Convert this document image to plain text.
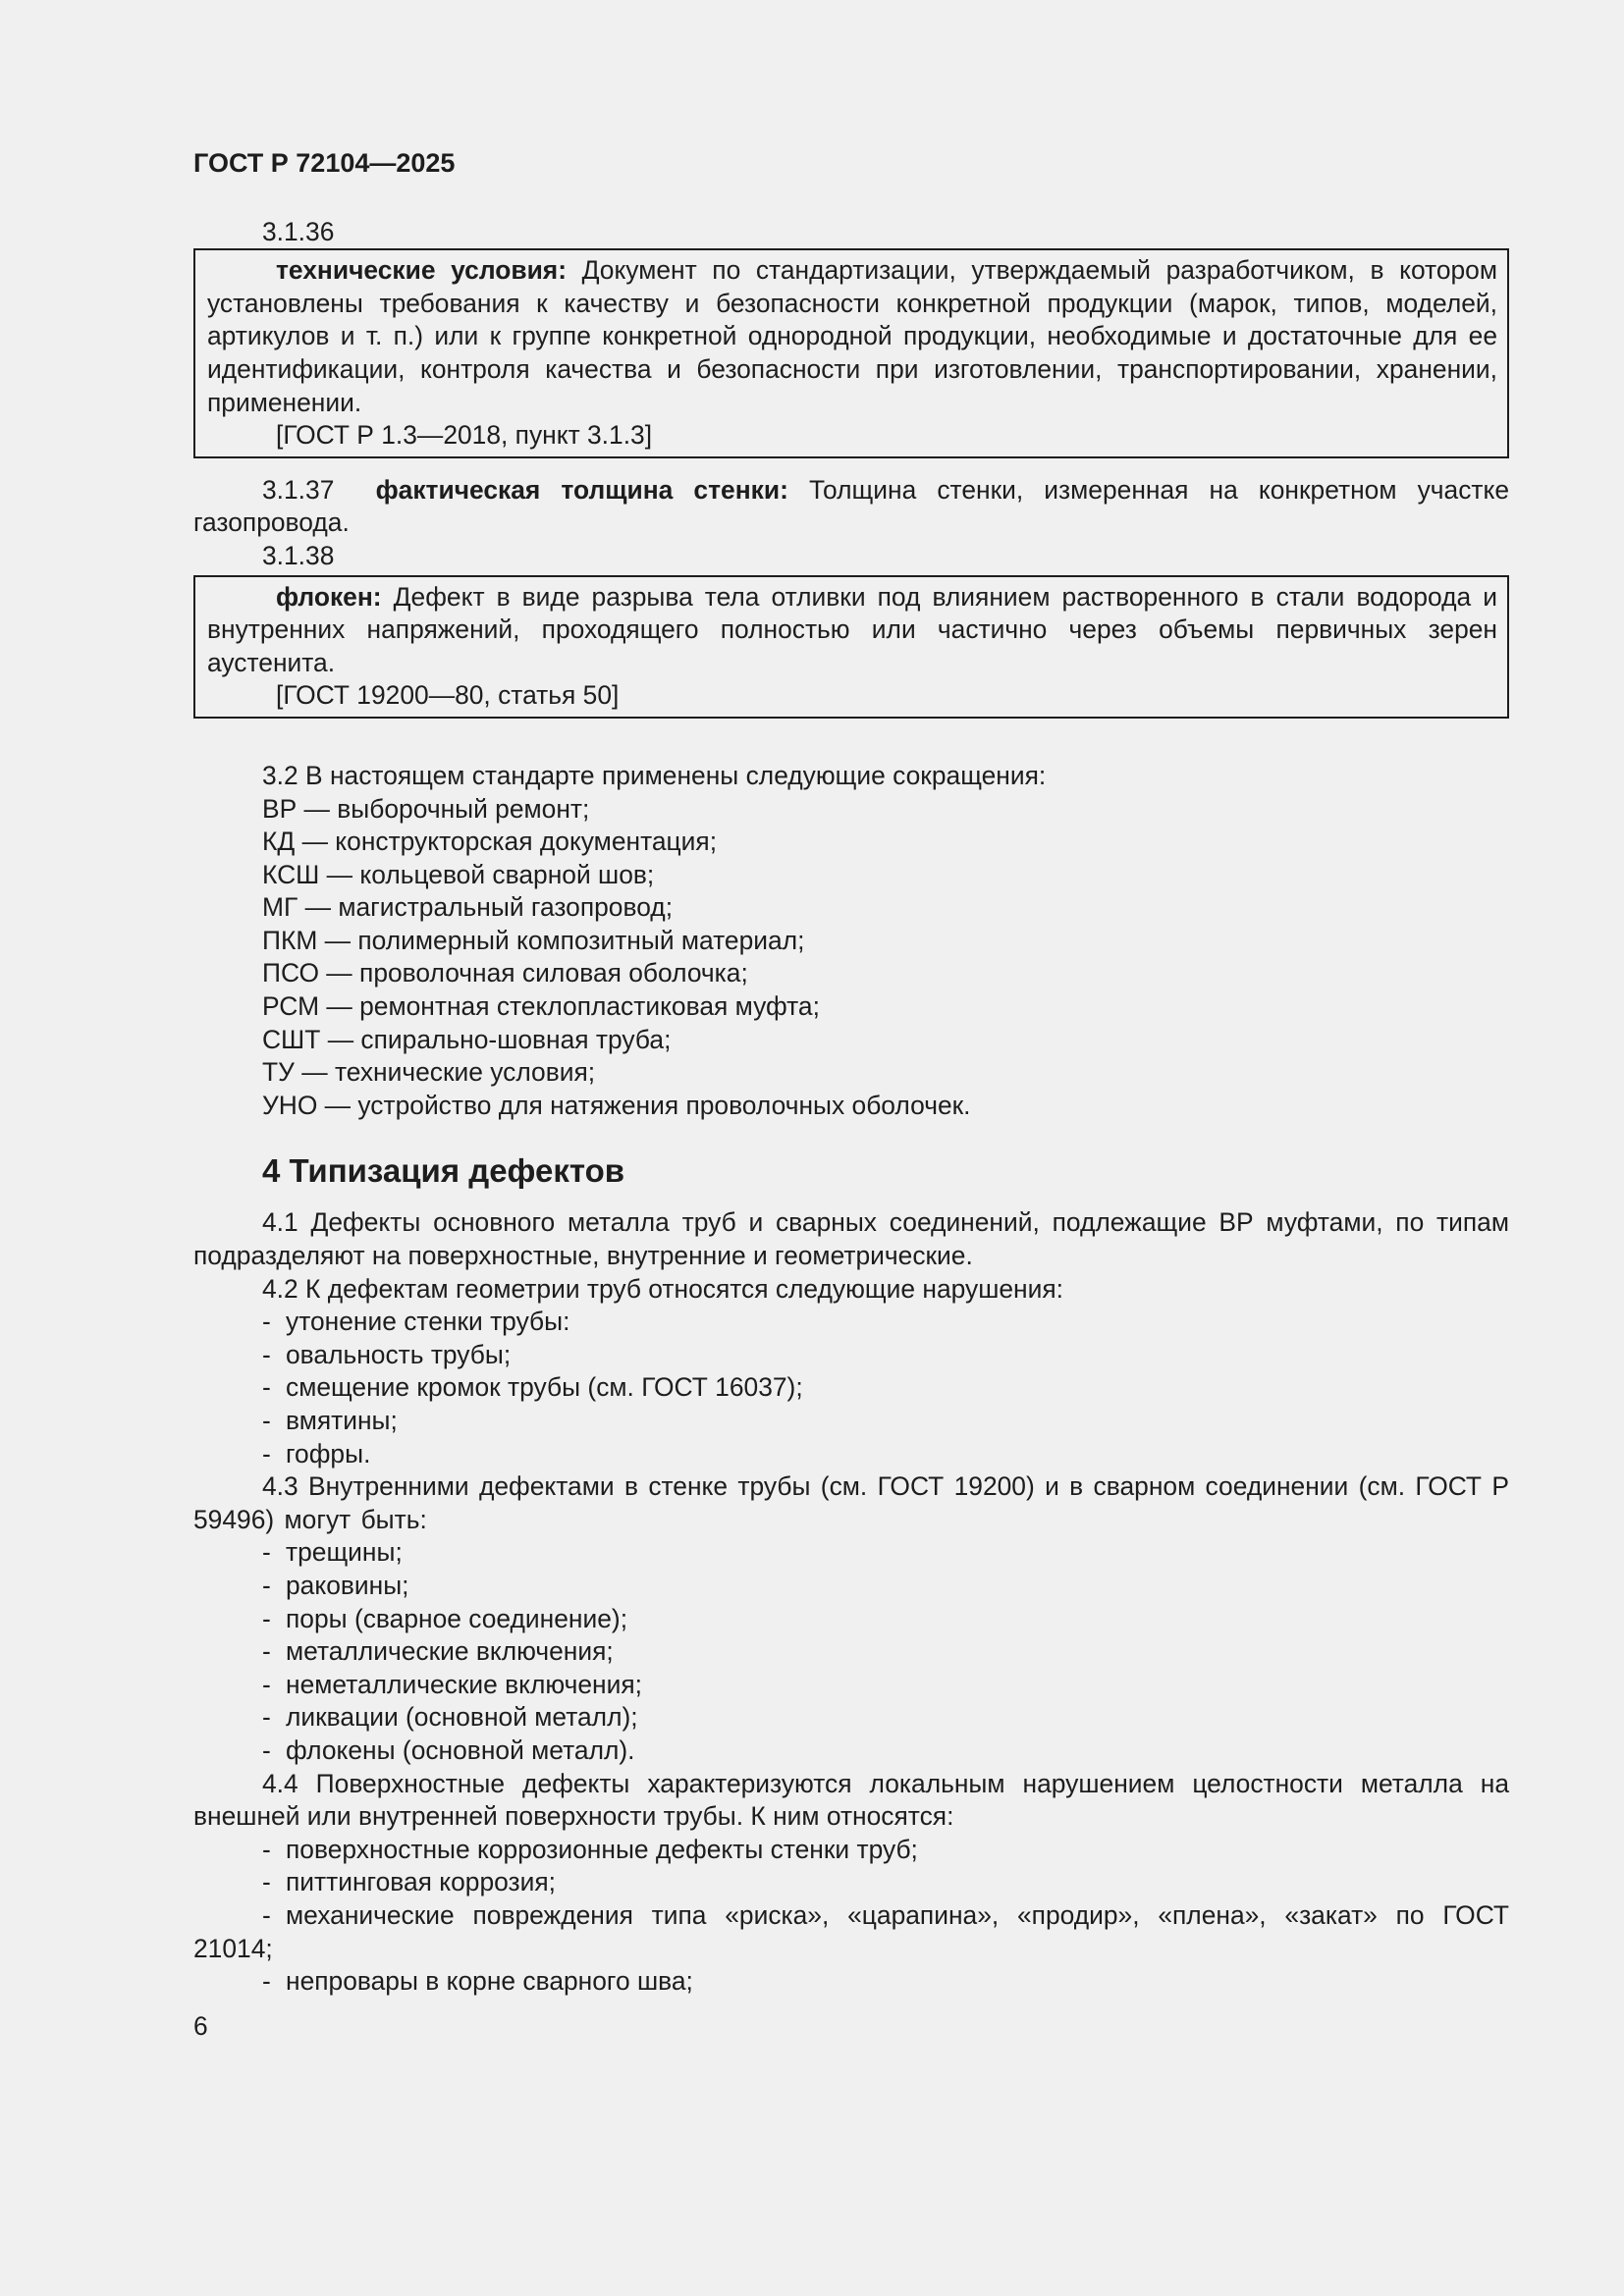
ГОСТ Р 72104—2025

3.1.36

технические условия: Документ по стандартизации, утверждаемый разработчиком, в котором установлены требования к качеству и безопасности конкретной продукции (марок, типов, моделей, артикулов и т. п.) или к группе конкретной однородной продукции, необходимые и достаточные для ее идентификации, контроля качества и безопасности при изготовлении, транспортировании, хранении, применении.

[ГОСТ Р 1.3—2018, пункт 3.1.3]

3.1.37 фактическая толщина стенки: Толщина стенки, измеренная на конкретном участке газопровода.

3.1.38

флокен: Дефект в виде разрыва тела отливки под влиянием растворенного в стали водорода и внутренних напряжений, проходящего полностью или частично через объемы первичных зерен аустенита.

[ГОСТ 19200—80, статья 50]

3.2 В настоящем стандарте применены следующие сокращения:

ВР — выборочный ремонт;

КД — конструкторская документация;

КСШ — кольцевой сварной шов;

МГ — магистральный газопровод;

ПКМ — полимерный композитный материал;

ПСО — проволочная силовая оболочка;

РСМ — ремонтная стеклопластиковая муфта;

СШТ — спирально-шовная труба;

ТУ — технические условия;

УНО — устройство для натяжения проволочных оболочек.

4 Типизация дефектов

4.1 Дефекты основного металла труб и сварных соединений, подлежащие ВР муфтами, по типам подразделяют на поверхностные, внутренние и геометрические.

4.2 К дефектам геометрии труб относятся следующие нарушения:

- утонение стенки трубы:

- овальность трубы;

- смещение кромок трубы (см. ГОСТ 16037);

- вмятины;

- гофры.

4.3 Внутренними дефектами в стенке трубы (см. ГОСТ 19200) и в сварном соединении (см. ГОСТ Р 59496) могут быть:

- трещины;

- раковины;

- поры (сварное соединение);

- металлические включения;

- неметаллические включения;

- ликвации (основной металл);

- флокены (основной металл).

4.4 Поверхностные дефекты характеризуются локальным нарушением целостности металла на внешней или внутренней поверхности трубы. К ним относятся:

- поверхностные коррозионные дефекты стенки труб;

- питтинговая коррозия;

- механические повреждения типа «риска», «царапина», «продир», «плена», «закат» по ГОСТ 21014;

- непровары в корне сварного шва;

6
